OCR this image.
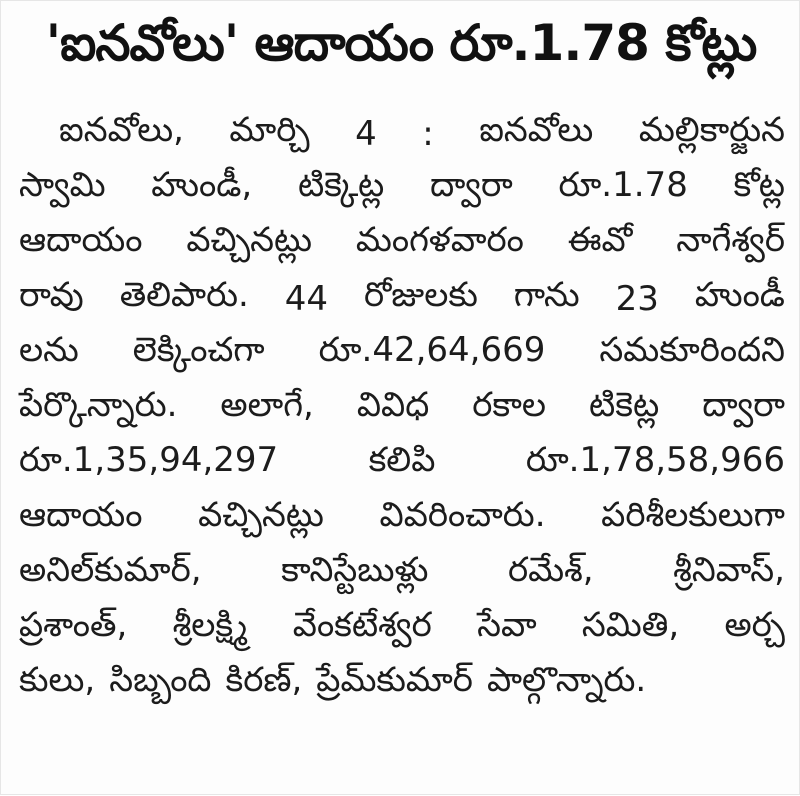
'ఐనవోలు' ఆదాయం రూ.1.78 కోట్లు
ఐనవోలు, మార్చి 4 : ఐనవోలు మల్లికార్జున
స్వామి హుండీ, టిక్కెట్ల ద్వారా రూ.1.78 కోట్ల
ఆదాయం వచ్చినట్లు మంగళవారం ఈవో నాగేశ్వర్
రావు తెలిపారు. 44 రోజులకు గాను 23 హుండీ
లను లెక్కించగా రూ.42,64,669 సమకూరిందని
పేర్కొన్నారు. అలాగే, వివిధ రకాల టికెట్ల ద్వారా
రూ.1,35,94,297	కలిపి	రూ.1,78,58,966
ఆదాయం వచ్చినట్లు వివరించారు. పరిశీలకులుగా
అనిల్‌కుమార్, కానిస్టేబుళ్లు రమేశ్, శ్రీనివాస్,
ప్రశాంత్, శ్రీలక్ష్మి వేంకటేశ్వర సేవా సమితి, అర్చ
కులు, సిబ్బంది కిరణ్, ప్రేమ్‌కుమార్ పాల్గొన్నారు.
